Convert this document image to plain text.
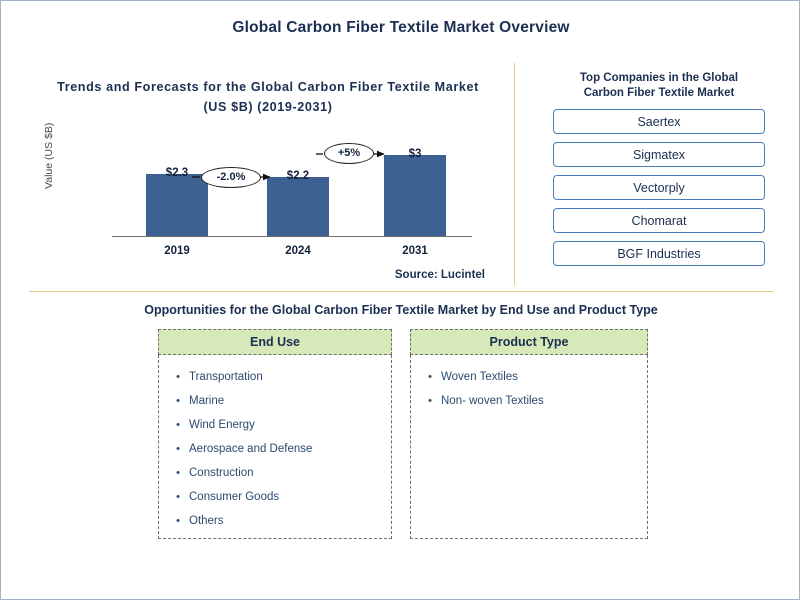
Global Carbon Fiber Textile Market Overview
Trends and Forecasts for the Global Carbon Fiber Textile Market
(US $B) (2019-2031)
Value (US $B)	$2.3	$2.2
$3
2019	2024	2031
-2.0%
+5%
Source: Lucintel
Top Companies in the Global
Carbon Fiber Textile Market
Saertex
Sigmatex
Vectorply
Chomarat
BGF Industries
Opportunities for the Global Carbon Fiber Textile Market by End Use and Product Type
End Use
• Transportation
• Marine
• Wind Energy
• Aerospace and Defense
• Construction
• Consumer Goods
• Others
Product Type
• Woven Textiles
• Non- woven Textiles
